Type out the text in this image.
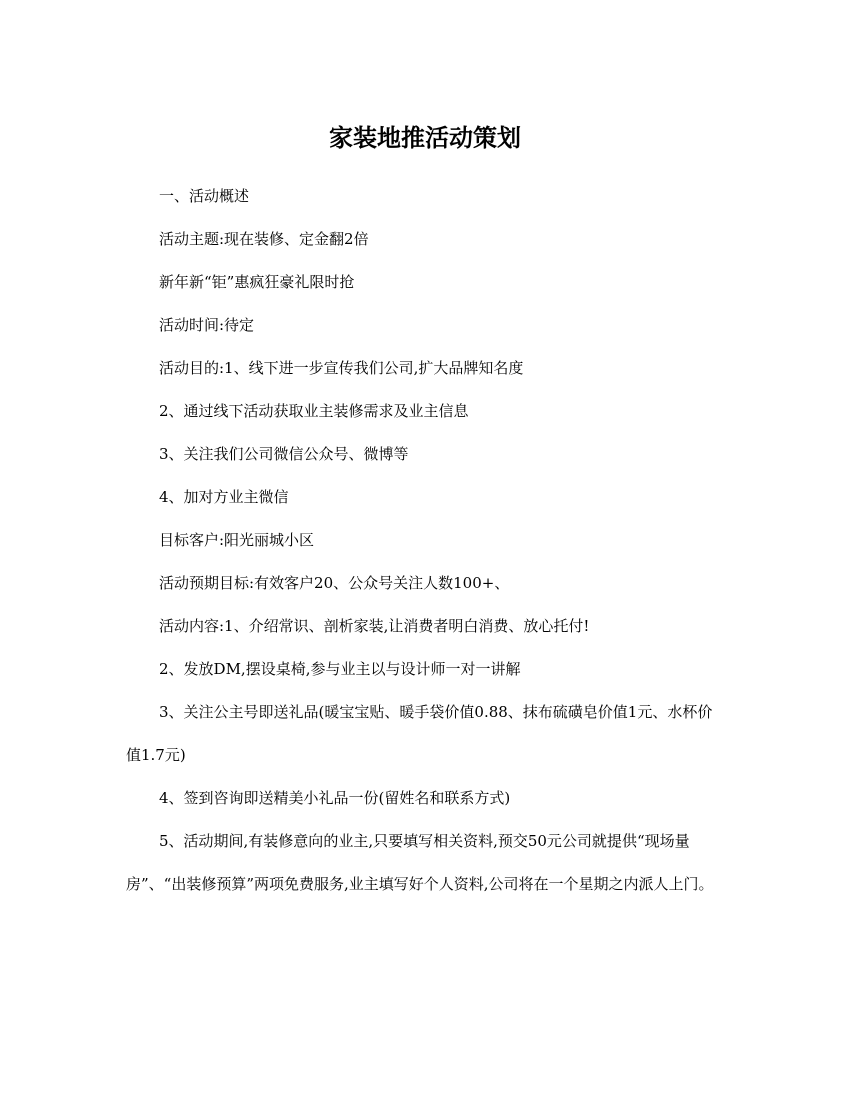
家装地推活动策划

一、活动概述

活动主题:现在装修、定金翻2倍

新年新“钜”惠疯狂豪礼限时抢

活动时间:待定

活动目的:1、线下进一步宣传我们公司,扩大品牌知名度

2、通过线下活动获取业主装修需求及业主信息

3、关注我们公司微信公众号、微博等

4、加对方业主微信

目标客户:阳光丽城小区

活动预期目标:有效客户20、公众号关注人数100+、

活动内容:1、介绍常识、剖析家装,让消费者明白消费、放心托付!

2、发放DM,摆设桌椅,参与业主以与设计师一对一讲解

3、关注公主号即送礼品(暖宝宝贴、暖手袋价值0.88、抹布硫磺皂价值1元、水杯价值1.7元)

4、签到咨询即送精美小礼品一份(留姓名和联系方式)

5、活动期间,有装修意向的业主,只要填写相关资料,预交50元公司就提供“现场量房”、“出装修预算”两项免费服务,业主填写好个人资料,公司将在一个星期之内派人上门。
